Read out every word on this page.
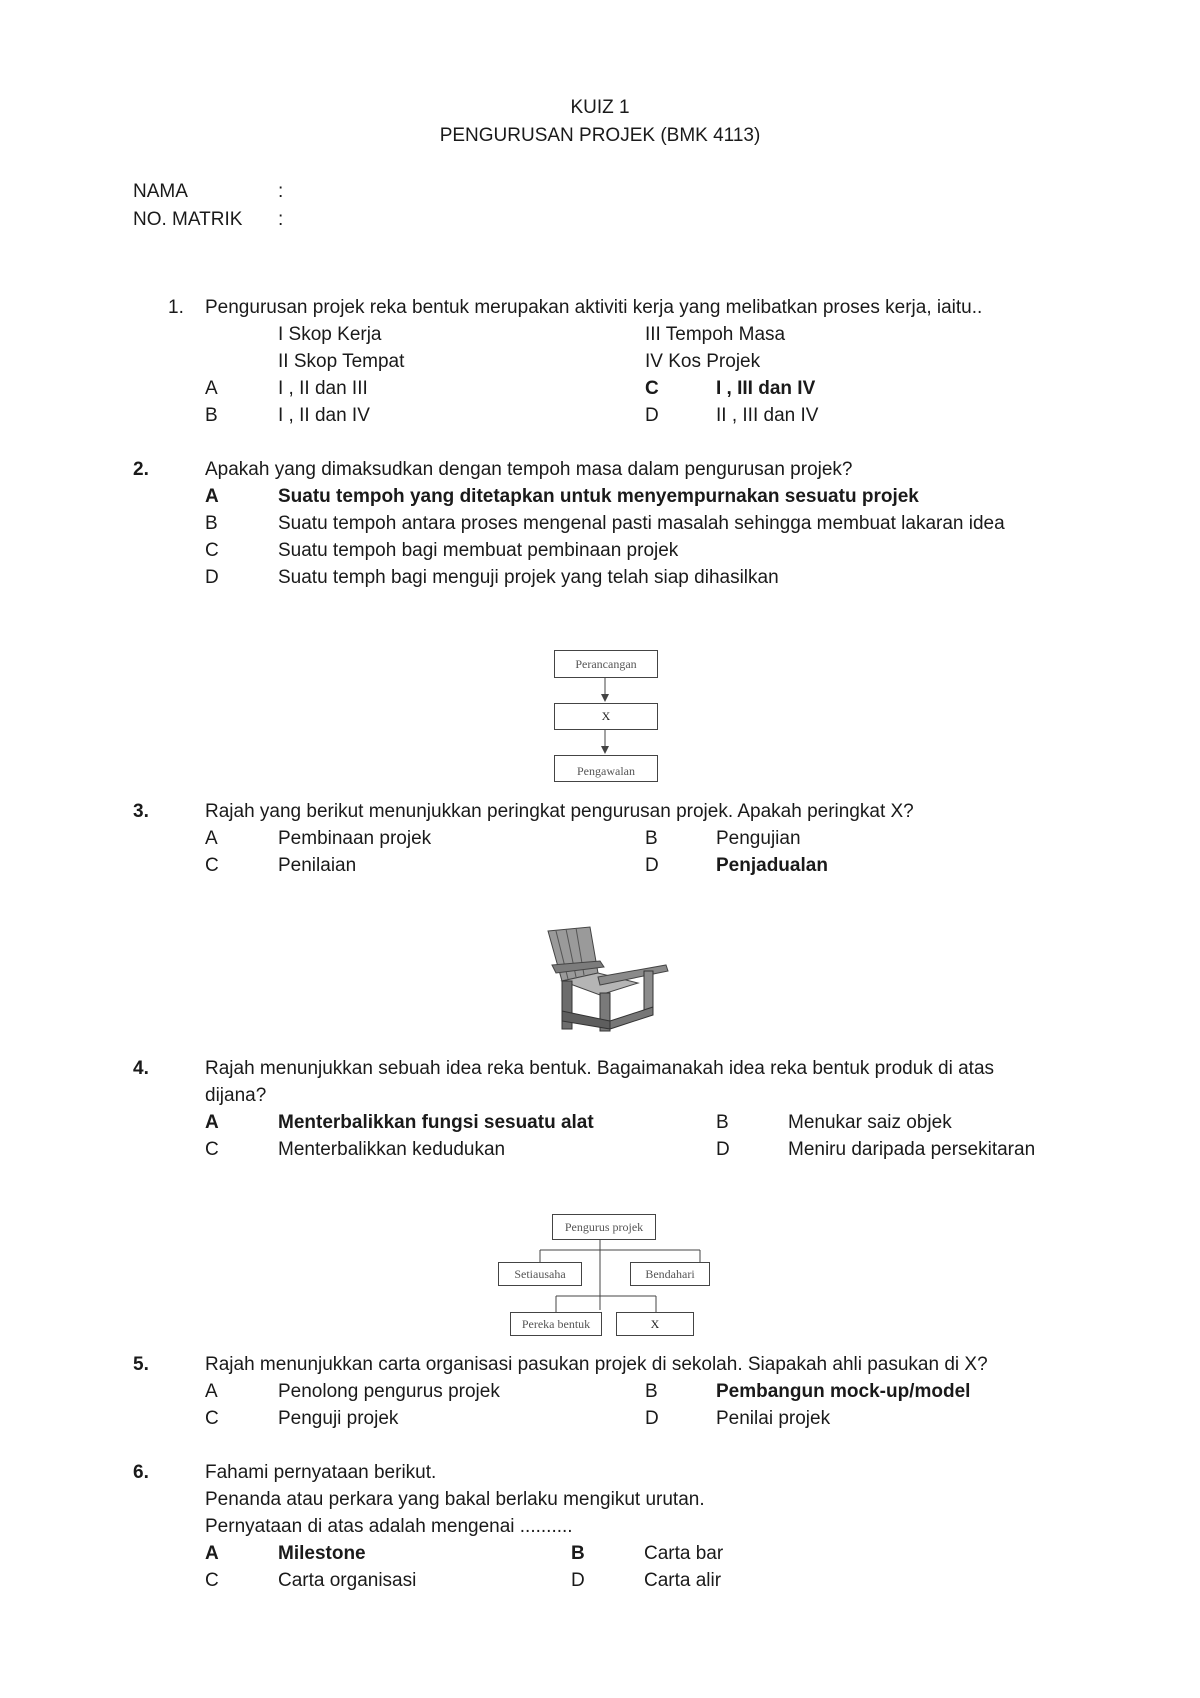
KUIZ 1
PENGURUSAN PROJEK (BMK 4113)
NAMA	:
NO. MATRIK :
1. Pengurusan projek reka bentuk merupakan aktiviti kerja yang melibatkan proses kerja, iaitu..
I Skop Kerja
II Skop Tempat
III Tempoh Masa
IV Kos Projek
A	I , II dan III
B	I , II dan IV
C	I , III dan IV
D	II , III dan IV
2.	Apakah yang dimaksudkan dengan tempoh masa dalam pengurusan projek?
A	Suatu tempoh yang ditetapkan untuk menyempurnakan sesuatu projek
B	Suatu tempoh antara proses mengenal pasti masalah sehingga membuat lakaran idea
C	Suatu tempoh bagi membuat pembinaan projek
D	Suatu temph bagi menguji projek yang telah siap dihasilkan
Perancangan
X
Pengawalan
3.	Rajah yang berikut menunjukkan peringkat pengurusan projek. Apakah peringkat X?
A	Pembinaan projek	B	Pengujian
C	Penilaian	D	Penjadualan
4.	Rajah menunjukkan sebuah idea reka bentuk. Bagaimanakah idea reka bentuk produk di atas
dijana?
A	Menterbalikkan fungsi sesuatu alat	B	Menukar saiz objek
C	Menterbalikkan kedudukan	D	Meniru daripada persekitaran
Pengurus projek
Setiausaha	Bendahari
Pereka bentuk	X
5.	Rajah menunjukkan carta organisasi pasukan projek di sekolah. Siapakah ahli pasukan di X?
A	Penolong pengurus projek	B	Pembangun mock-up/model
C	Penguji projek	D	Penilai projek
6.	Fahami pernyataan berikut.
Penanda atau perkara yang bakal berlaku mengikut urutan.
Pernyataan di atas adalah mengenai ..........
A	Milestone	B	Carta bar
C	Carta organisasi	D	Carta alir
